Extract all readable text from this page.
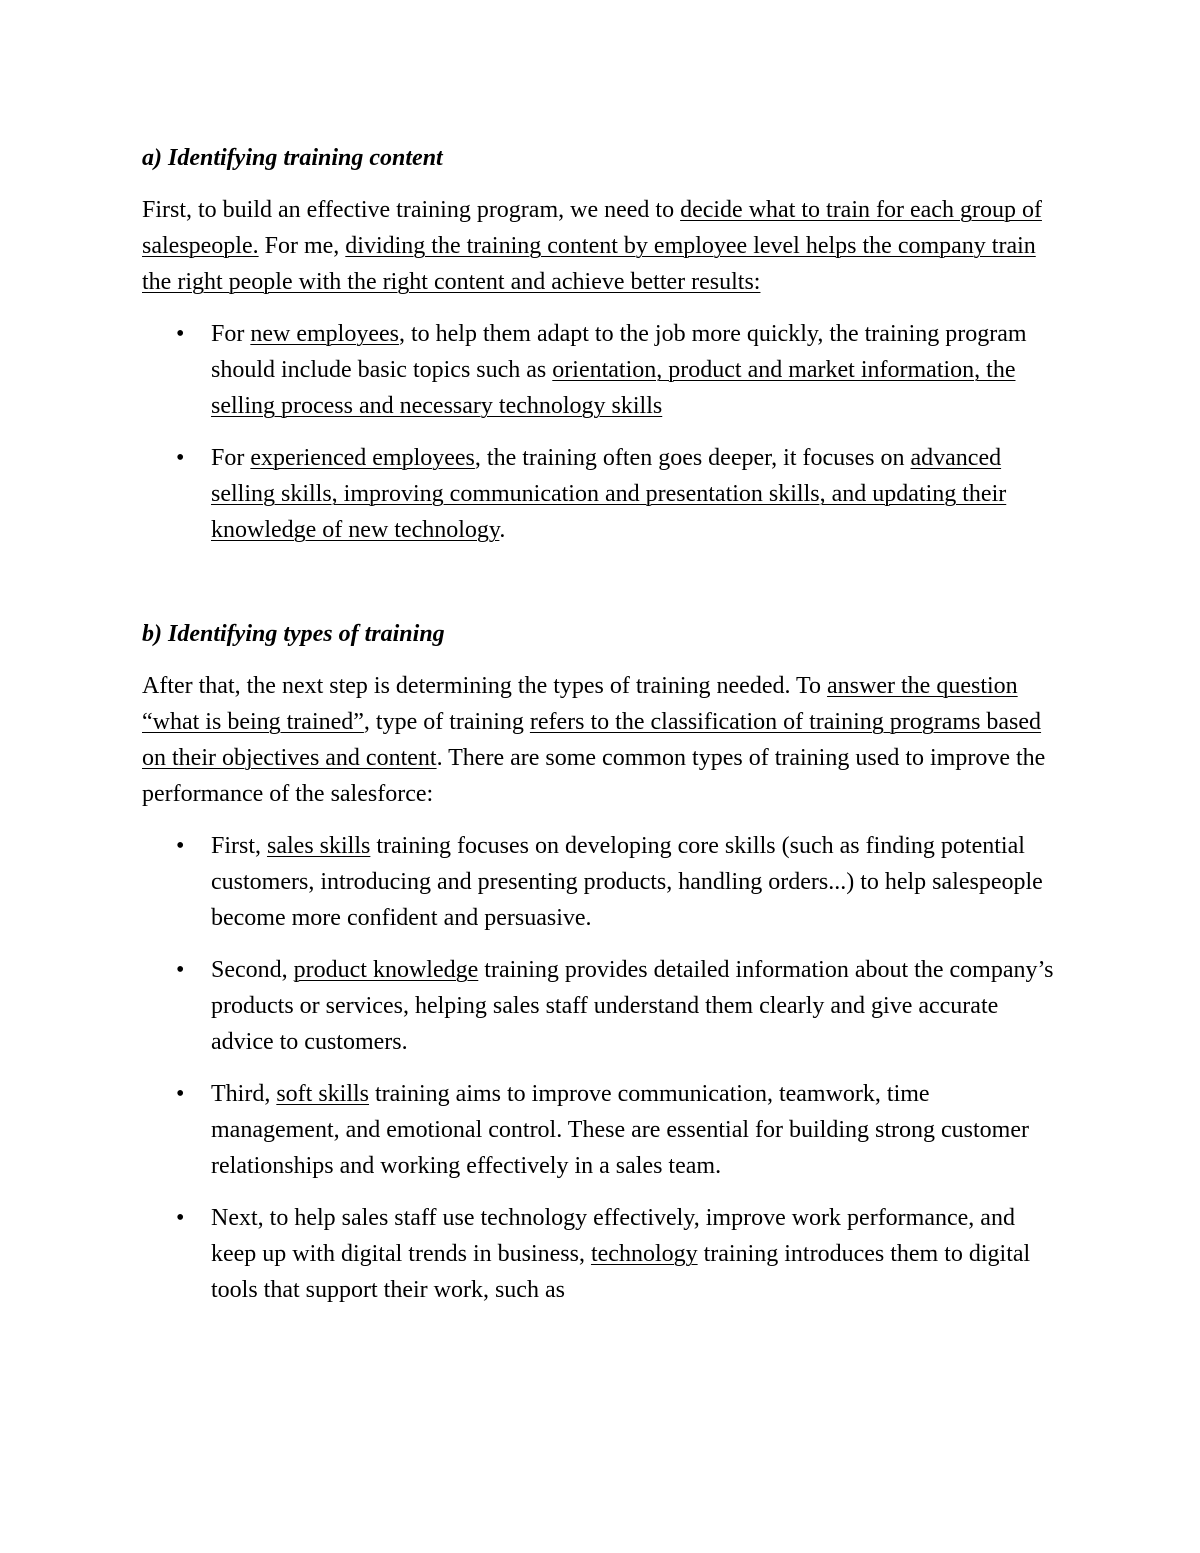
a) Identifying training content

First, to build an effective training program, we need to decide what to train for each group of salespeople. For me, dividing the training content by employee level helps the company train the right people with the right content and achieve better results:

• For new employees, to help them adapt to the job more quickly, the training program should include basic topics such as orientation, product and market information, the selling process and necessary technology skills
• For experienced employees, the training often goes deeper, it focuses on advanced selling skills, improving communication and presentation skills, and updating their knowledge of new technology.
b) Identifying types of training

After that, the next step is determining the types of training needed. To answer the question “what is being trained”, type of training refers to the classification of training programs based on their objectives and content. There are some common types of training used to improve the performance of the salesforce:

• First, sales skills training focuses on developing core skills (such as finding potential customers, introducing and presenting products, handling orders...) to help salespeople become more confident and persuasive.
• Second, product knowledge training provides detailed information about the company’s products or services, helping sales staff understand them clearly and give accurate advice to customers.
• Third, soft skills training aims to improve communication, teamwork, time management, and emotional control. These are essential for building strong customer relationships and working effectively in a sales team.
• Next, to help sales staff use technology effectively, improve work performance, and keep up with digital trends in business, technology training introduces them to digital tools that support their work, such as
